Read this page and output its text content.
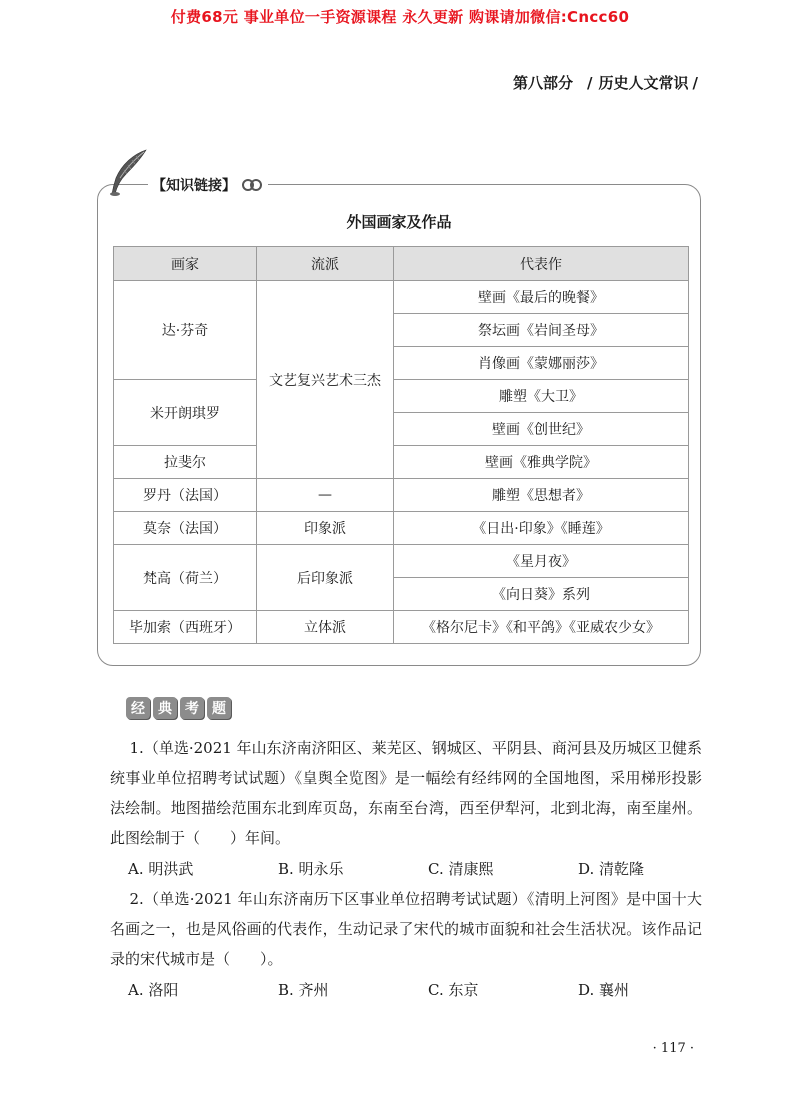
付费68元 事业单位一手资源课程 永久更新 购课请加微信:Cncc60
第八部分 / 历史人文常识 /
【知识链接】
外国画家及作品
画家	流派	代表作
达·芬奇	文艺复兴艺术三杰	壁画《最后的晚餐》
		祭坛画《岩间圣母》
		肖像画《蒙娜丽莎》
米开朗琪罗		雕塑《大卫》
		壁画《创世纪》
拉斐尔		壁画《雅典学院》
罗丹（法国）	—	雕塑《思想者》
莫奈（法国）	印象派	《日出·印象》《睡莲》
梵高（荷兰）	后印象派	《星月夜》
		《向日葵》系列
毕加索（西班牙）	立体派	《格尔尼卡》《和平鸽》《亚威农少女》
经 典 考 题

1.（单选·2021 年山东济南济阳区、莱芜区、钢城区、平阴县、商河县及历城区卫健系统事业单位招聘考试试题）《皇舆全览图》是一幅绘有经纬网的全国地图，采用梯形投影法绘制。地图描绘范围东北到库页岛，东南至台湾，西至伊犁河，北到北海，南至崖州。此图绘制于（　　）年间。

A. 明洪武	B. 明永乐	C. 清康熙	D. 清乾隆

2.（单选·2021 年山东济南历下区事业单位招聘考试试题）《清明上河图》是中国十大名画之一，也是风俗画的代表作，生动记录了宋代的城市面貌和社会生活状况。该作品记录的宋代城市是（　　）。

A. 洛阳	B. 齐州	C. 东京	D. 襄州
· 117 ·
